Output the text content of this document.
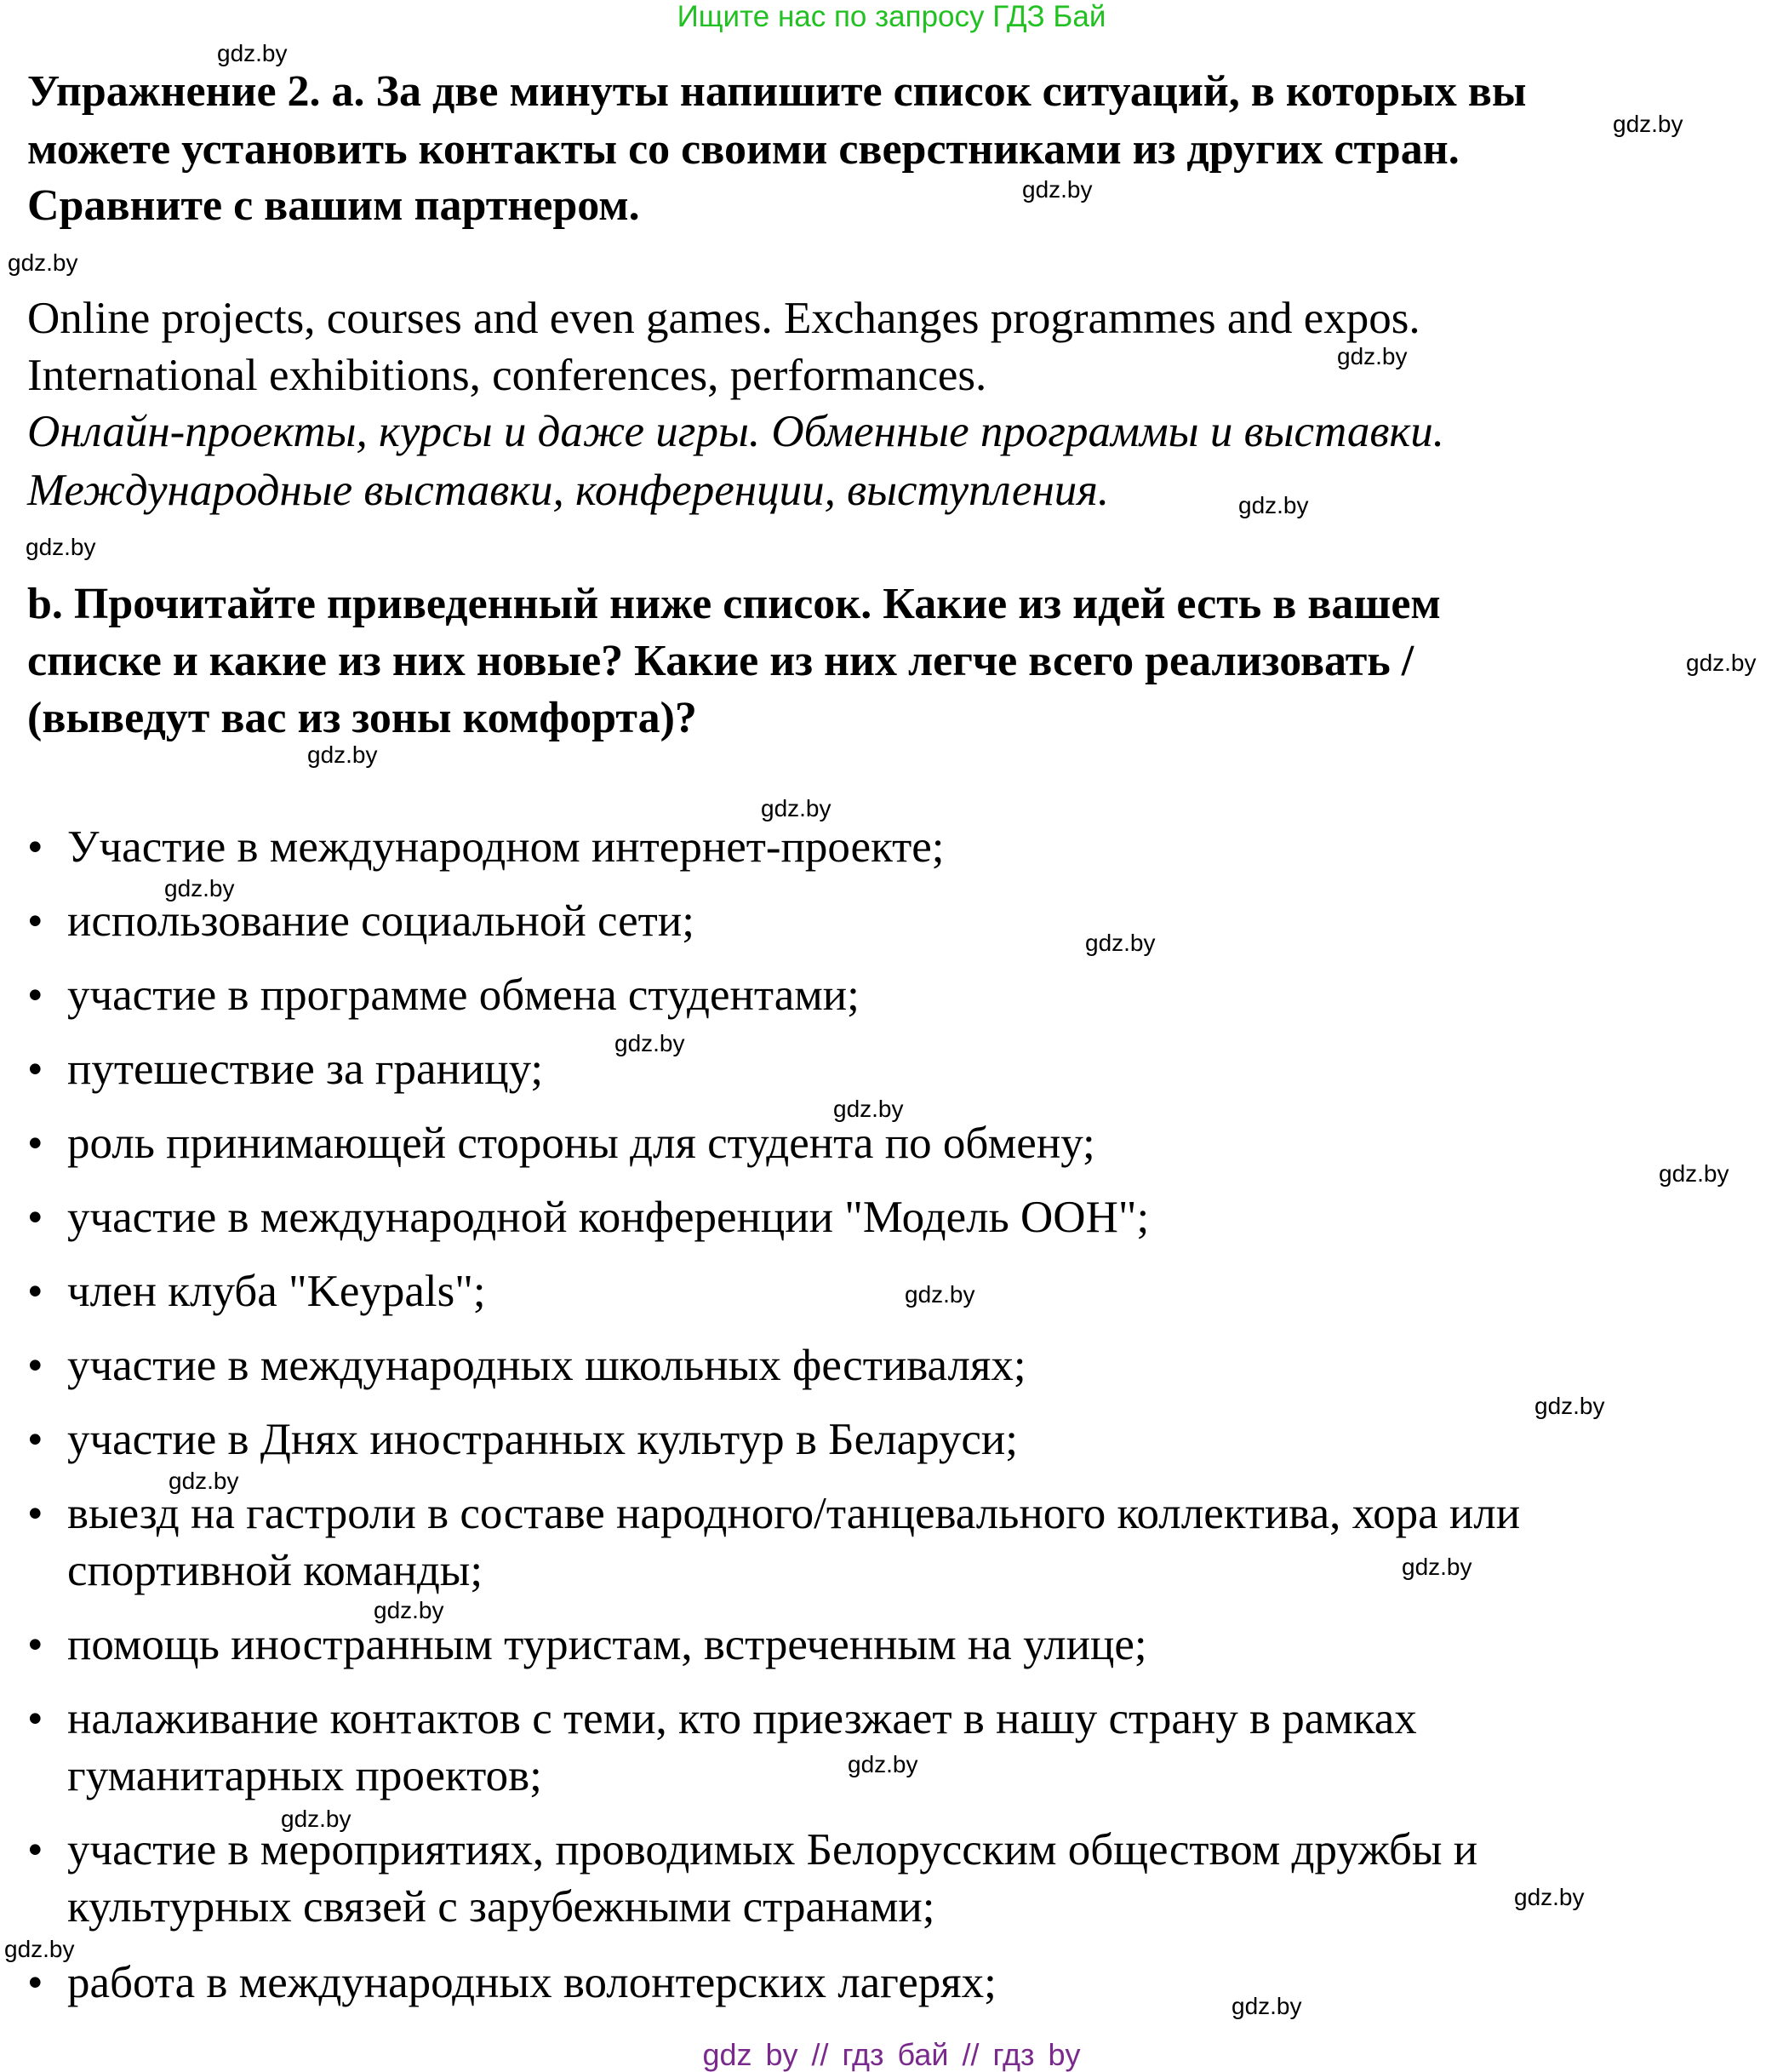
Ищите нас по запросу ГДЗ Бай
Упражнение 2. a. За две минуты напишите список ситуаций, в которых вы
можете установить контакты со своими сверстниками из других стран.
Сравните с вашим партнером.
Online projects, courses and even games. Exchanges programmes and expos.
International exhibitions, conferences, performances.
Онлайн-проекты, курсы и даже игры. Обменные программы и выставки.
Международные выставки, конференции, выступления.
b. Прочитайте приведенный ниже список. Какие из идей есть в вашем
списке и какие из них новые? Какие из них легче всего реализовать /
(выведут вас из зоны комфорта)?
• Участие в международном интернет-проекте;
• использование социальной сети;
• участие в программе обмена студентами;
• путешествие за границу;
• роль принимающей стороны для студента по обмену;
• участие в международной конференции "Модель ООН";
• член клуба "Keypals";
• участие в международных школьных фестивалях;
• участие в Днях иностранных культур в Беларуси;
• выезд на гастроли в составе народного/танцевального коллектива, хора или
спортивной команды;
• помощь иностранным туристам, встреченным на улице;
• налаживание контактов с теми, кто приезжает в нашу страну в рамках
гуманитарных проектов;
• участие в мероприятиях, проводимых Белорусским обществом дружбы и
культурных связей с зарубежными странами;
• работа в международных волонтерских лагерях;
gdz.by
gdz.by
gdz.by
gdz.by
gdz.by
gdz.by
gdz.by
gdz.by
gdz.by
gdz.by
gdz.by
gdz.by
gdz.by
gdz.by
gdz.by
gdz.by
gdz.by
gdz.by
gdz.by
gdz.by
gdz.by
gdz.by
gdz.by
gdz.by
gdz.by
gdz by // гдз бай // гдз by
